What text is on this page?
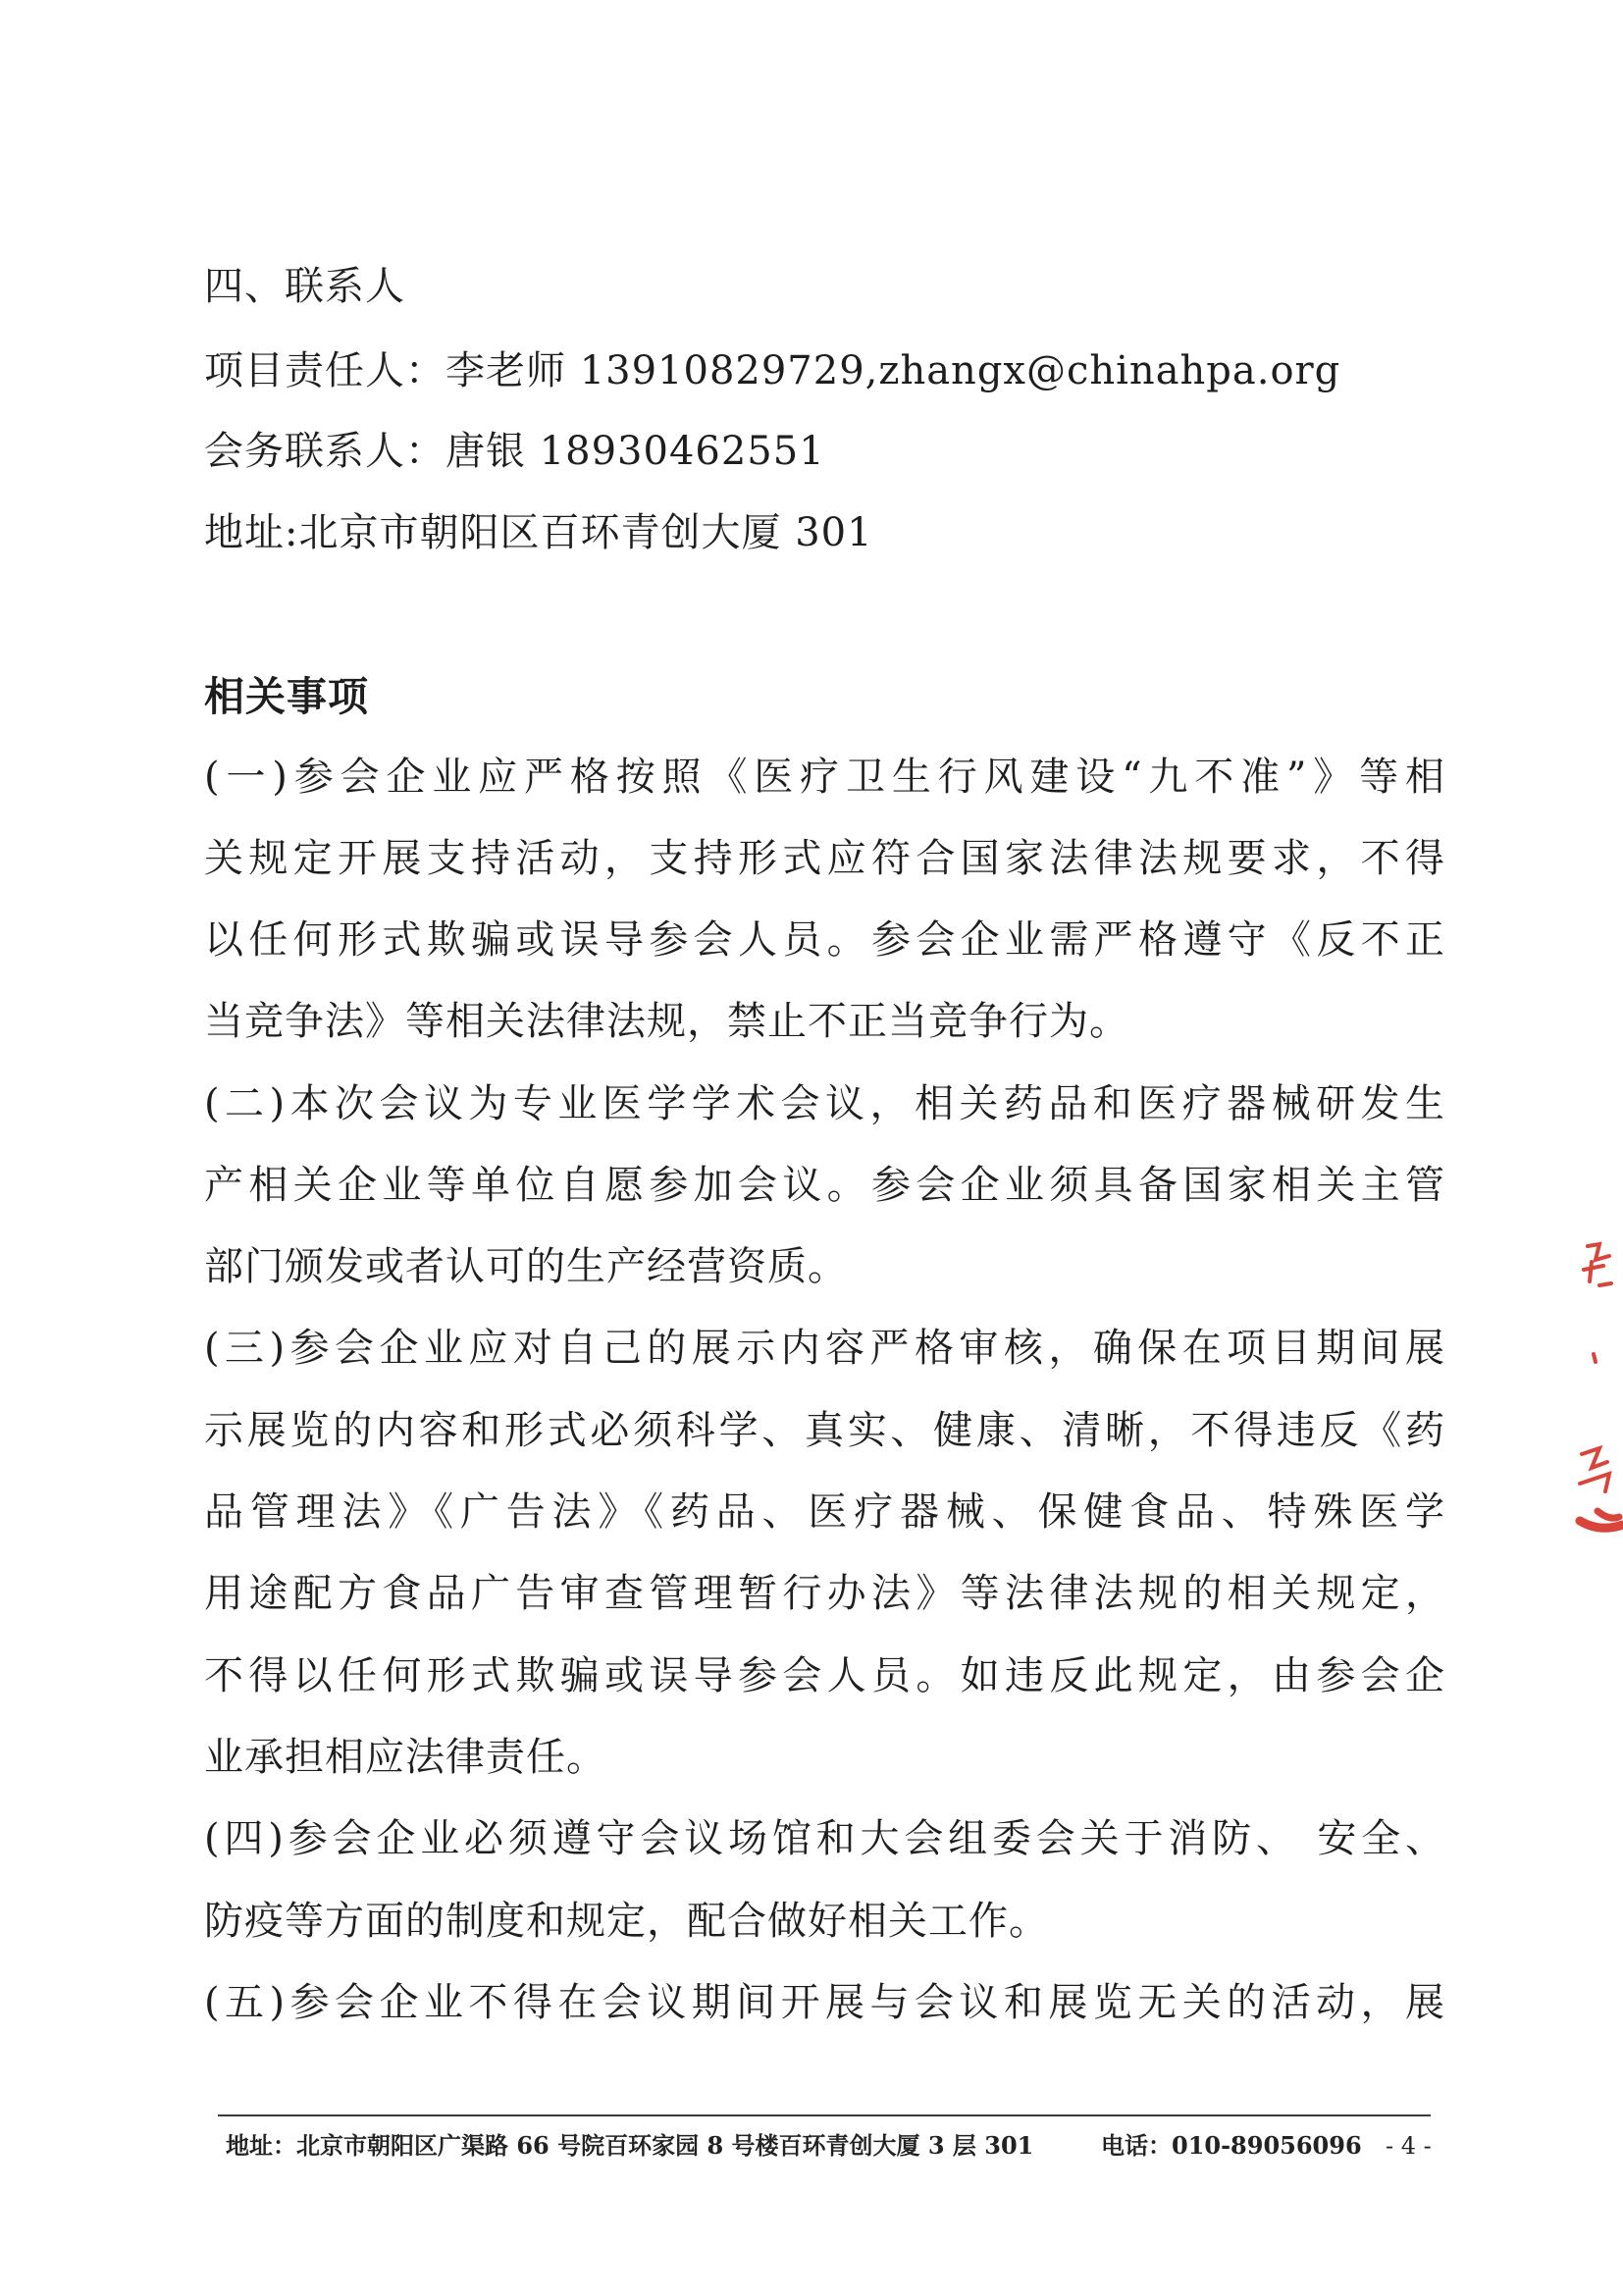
四、联系人
项目责任人：李老师 13910829729,zhangx@chinahpa.org
会务联系人：唐银 18930462551
地址:北京市朝阳区百环青创大厦 301
相关事项
(一)参会企业应严格按照《医疗卫生行风建设“九不准”》等相
关规定开展支持活动，支持形式应符合国家法律法规要求，不得
以任何形式欺骗或误导参会人员。参会企业需严格遵守《反不正
当竞争法》等相关法律法规，禁止不正当竞争行为。
(二)本次会议为专业医学学术会议，相关药品和医疗器械研发生
产相关企业等单位自愿参加会议。参会企业须具备国家相关主管
部门颁发或者认可的生产经营资质。
(三)参会企业应对自己的展示内容严格审核，确保在项目期间展
示展览的内容和形式必须科学、真实、健康、清晰，不得违反《药
品管理法》《广告法》《药品、医疗器械、保健食品、特殊医学
用途配方食品广告审查管理暂行办法》等法律法规的相关规定，
不得以任何形式欺骗或误导参会人员。如违反此规定，由参会企
业承担相应法律责任。
(四)参会企业必须遵守会议场馆和大会组委会关于消防、 安全、
防疫等方面的制度和规定，配合做好相关工作。
(五)参会企业不得在会议期间开展与会议和展览无关的活动，展
地址：北京市朝阳区广渠路 66 号院百环家园 8 号楼百环青创大厦 3 层 301	电话：010-89056096 - 4 -
